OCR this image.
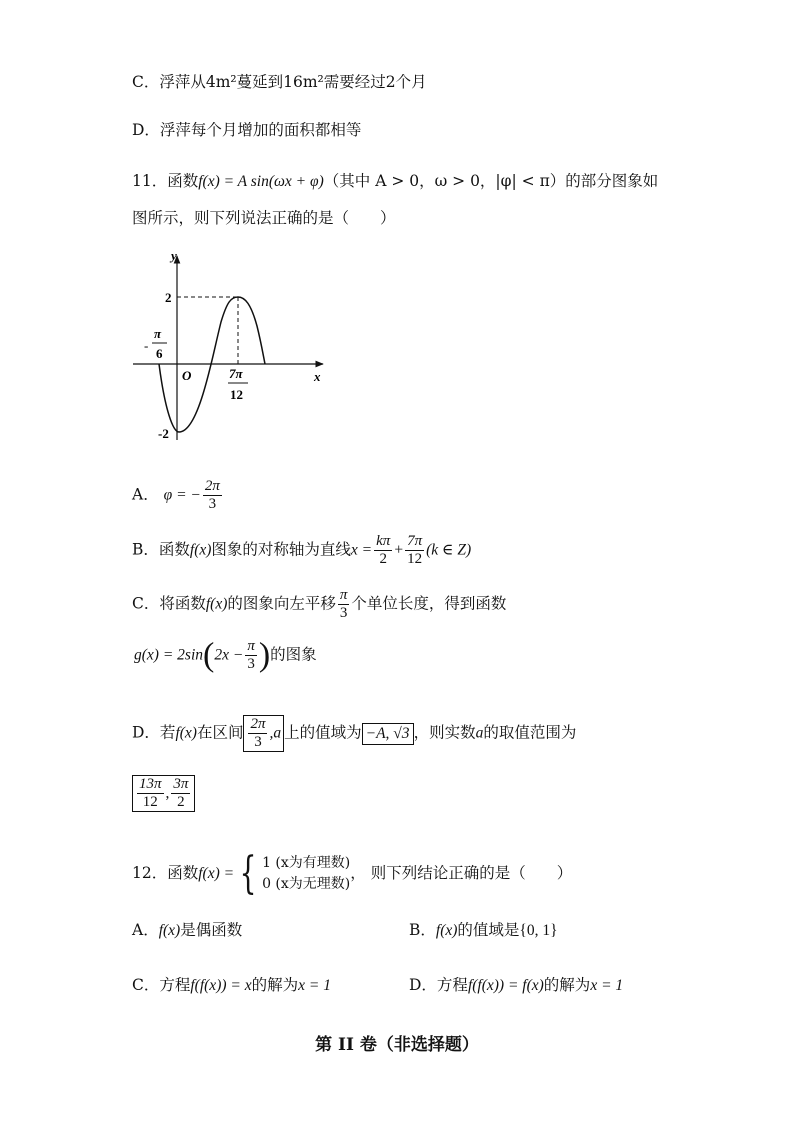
C．浮萍从4m²蔓延到16m²需要经过2个月
D．浮萍每个月增加的面积都相等
11．函数f(x) = A sin(ωx + φ)（其中 A > 0，ω > 0，|φ| < π）的部分图象如
图所示，则下列说法正确的是（　　）
y
x
O
2
-2
-
π
6
7π
12
A． φ = − $\frac{2\pi}{3}$
B．函数f(x)图象的对称轴为直线$x = \frac{k\pi}{2} + \frac{7\pi}{12} (k$ ∈ Z)
C．将函数f(x)的图象向左平移 $\frac{\pi}{3}$ 个单位长度，得到函数
$g(x) = 2\sin(2x - \frac{\pi}{3}$ )的图象
D．若f(x)在区间 $\frac{2\pi}{3} ,a$ 上的值域为 −A, √3 ，则实数a的取值范围为
$\frac{13\pi}{12}$ , $\frac{3\pi}{2}$
12．函数f(x) = { 1 (x为有理数)
0 (x为无理数)
， 则下列结论正确的是（　　）
A．f(x)是偶函数	B．f(x)的值域是{0, 1}
C．方程f(f(x)) = x的解为x = 1	D．方程f(f(x)) = f(x)的解为x = 1
第 II 卷（非选择题）
